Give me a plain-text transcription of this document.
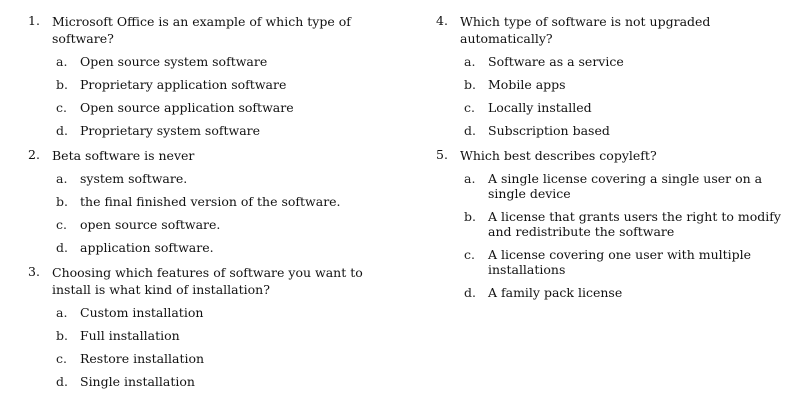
1. Microsoft Office is an example of which type of software?
a.	Open source system software
b. Proprietary application software
c.	Open source application software
d. Proprietary system software
2. Beta software is never
a.	system software.
b. the final finished version of the software.
c.	open source software.
d. application software.
3. Choosing which features of software you want to install is what kind of installation?
a.	Custom installation
b. Full installation
c.	Restore installation
d. Single installation
4. Which type of software is not upgraded automatically?
a.	Software as a service
b. Mobile apps
c.	Locally installed
d. Subscription based
5. Which best describes copyleft?
a.	A single license covering a single user on a single device
b. A license that grants users the right to modify and redistribute the software
c.	A license covering one user with multiple installations
d. A family pack license
